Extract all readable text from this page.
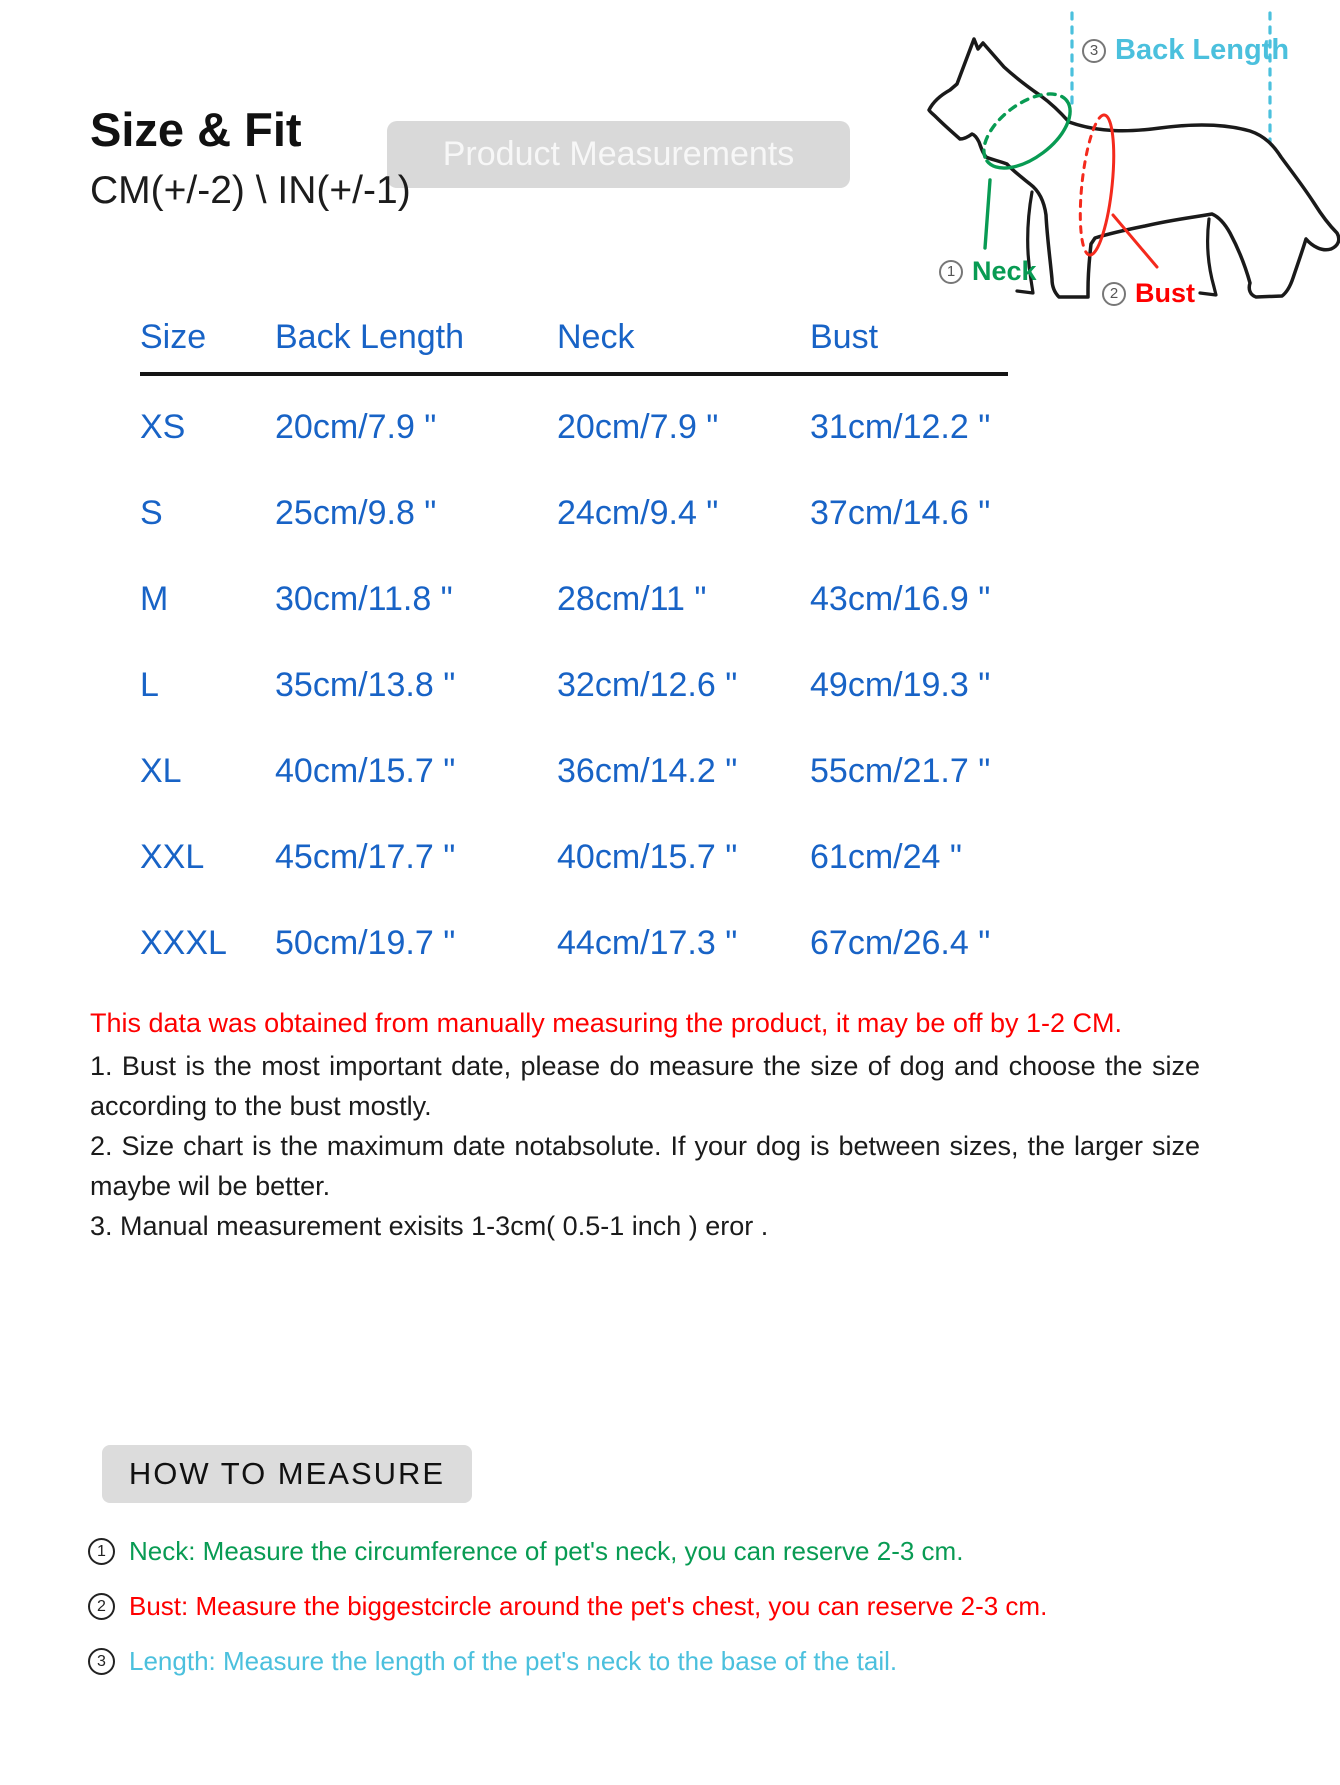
Size & Fit	Product Measurements
CM(+/-2) \ IN(+/-1)
3 Back Length
1 Neck
2 Bust
Size Back Length	Neck	Bust
XS	20cm/7.9 "	20cm/7.9 "	31cm/12.2 "
S	25cm/9.8 "	24cm/9.4 "	37cm/14.6 "
M	30cm/11.8 "	28cm/11 "	43cm/16.9 "
L	35cm/13.8 "	32cm/12.6 " 49cm/19.3 "
XL	40cm/15.7 "	36cm/14.2 " 55cm/21.7 "
XXL 45cm/17.7 "	40cm/15.7 " 61cm/24 "
XXXL 50cm/19.7 "	44cm/17.3 " 67cm/26.4 "
This data was obtained from manually measuring the product, it may be off by 1-2 CM.

1. Bust is the most important date, please do measure the size of dog and choose the size according to the bust mostly.

2. Size chart is the maximum date notabsolute. If your dog is between sizes, the larger size maybe wil be better.

3. Manual measurement exisits 1-3cm( 0.5-1 inch ) eror .

HOW TO MEASURE
1 Neck: Measure the circumference of pet's neck, you can reserve 2-3 cm.
2 Bust: Measure the biggestcircle around the pet's chest, you can reserve 2-3 cm.
3 Length: Measure the length of the pet's neck to the base of the tail.
